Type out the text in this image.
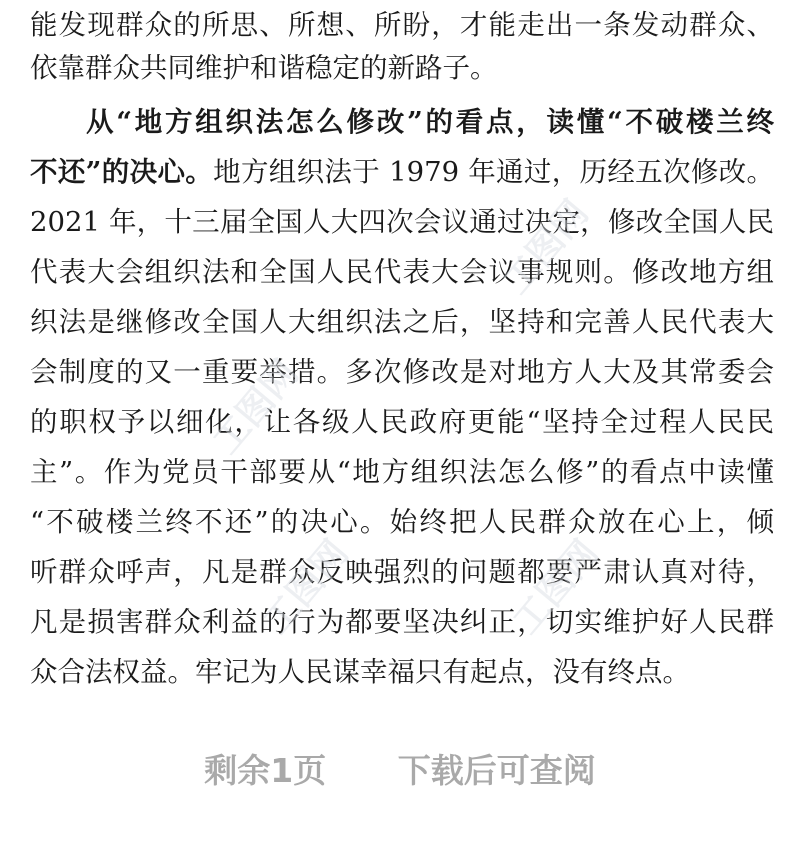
能发现群众的所思、所想、所盼，才能走出一条发动群众、
依靠群众共同维护和谐稳定的新路子。
从“地方组织法怎么修改”的看点，读懂“不破楼兰终
不还”的决心。地方组织法于 1979 年通过，历经五次修改。
2021 年，十三届全国人大四次会议通过决定，修改全国人民
代表大会组织法和全国人民代表大会议事规则。修改地方组
织法是继修改全国人大组织法之后，坚持和完善人民代表大
会制度的又一重要举措。多次修改是对地方人大及其常委会
的职权予以细化，让各级人民政府更能“坚持全过程人民民
主”。作为党员干部要从“地方组织法怎么修”的看点中读懂
“不破楼兰终不还”的决心。始终把人民群众放在心上，倾
听群众呼声，凡是群众反映强烈的问题都要严肃认真对待，
凡是损害群众利益的行为都要坚决纠正，切实维护好人民群
众合法权益。牢记为人民谋幸福只有起点，没有终点。
工图网
工图网
工图网	工图网
剩余1页 下载后可查阅
